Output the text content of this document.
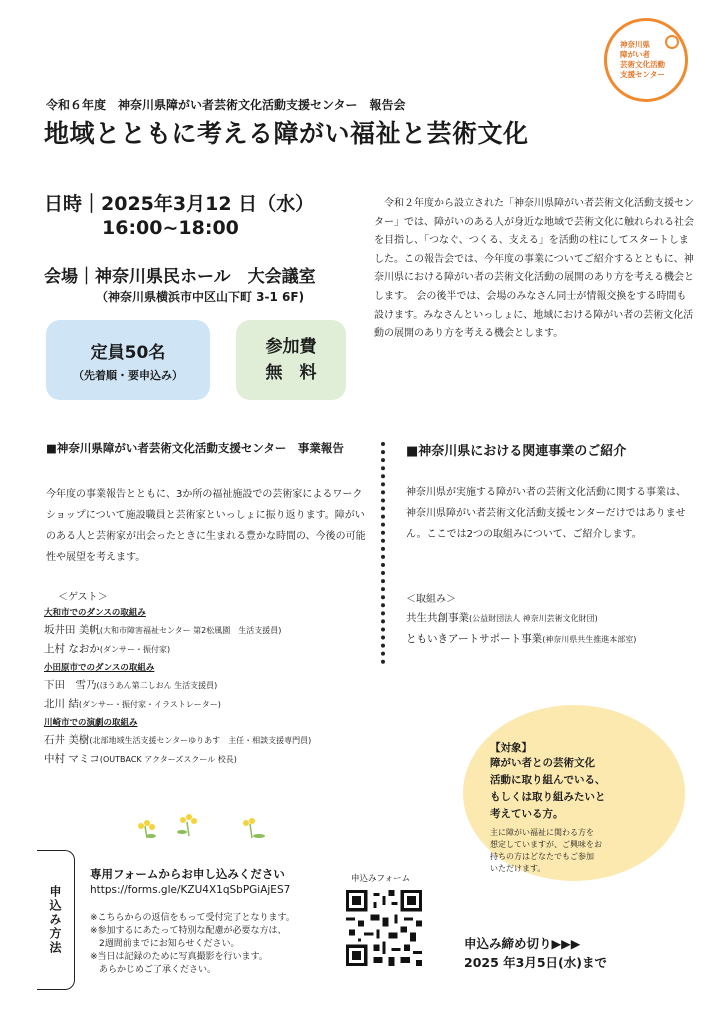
神奈川県
障がい者
芸術文化活動
支援センター
令和６年度　神奈川県障がい者芸術文化活動支援センター　報告会
地域とともに考える障がい福祉と芸術文化
日時｜2025年3月12 日（水）
16:00~18:00
会場｜神奈川県民ホール　大会議室
（神奈川県横浜市中区山下町 3-1 6F)
定員50名
（先着順・要申込み）
参加費
無　料
　令和２年度から設立された「神奈川県障がい者芸術文化活動支援センター」では、障がいのある人が身近な地域で芸術文化に触れられる社会を目指し、「つなぐ、つくる、支える」を活動の柱にしてスタートしました。この報告会では、今年度の事業についてご紹介するとともに、神奈川県における障がい者の芸術文化活動の展開のあり方を考える機会とします。 会の後半では、会場のみなさん同士が情報交換をする時間も設けます。みなさんといっしょに、地域における障がい者の芸術文化活動の展開のあり方を考える機会とします。
■神奈川県障がい者芸術文化活動支援センター　事業報告	■神奈川県における関連事業のご紹介
今年度の事業報告とともに、3か所の福祉施設での芸術家によるワークショップについて施設職員と芸術家といっしょに振り返ります。障がいのある人と芸術家が出会ったときに生まれる豊かな時間の、今後の可能性や展望を考えます。
神奈川県が実施する障がい者の芸術文化活動に関する事業は、神奈川県障がい者芸術文化活動支援センターだけではありません。ここでは2つの取組みについて、ご紹介します。
＜ゲスト＞
大和市でのダンスの取組み
坂井田 美帆(大和市障害福祉センター 第2松風園　生活支援員)
上村 なおか(ダンサー・振付家)
小田原市でのダンスの取組み
下田　雪乃(ほうあん第二しおん 生活支援員)
北川 結(ダンサー・振付家・イラストレーター)
川崎市での演劇の取組み
石井 美樹(北部地域生活支援センターゆりあす　主任・相談支援専門員)
中村 マミコ(OUTBACK アクターズスクール 校長)
＜取組み＞
共生共創事業(公益財団法人 神奈川芸術文化財団)
ともいきアートサポート事業(神奈川県共生推進本部室)
【対象】
障がい者との芸術文化
活動に取り組んでいる、
もしくは取り組みたいと
考えている方。
主に障がい福祉に関わる方を
想定していますが、ご興味をお
持ちの方はどなたでもご参加
いただけます。
申込み方法
専用フォームからお申し込みください
https://forms.gle/KZU4X1qSbPGiAjES7
※こちらからの返信をもって受付完了となります。
※参加するにあたって特別な配慮が必要な方は、
　2週間前までにお知らせください。
※当日は記録のために写真撮影を行います。
　あらかじめご了承ください。
申込みフォーム
申込み締め切り▶▶▶
2025 年3月5日(水)まで
